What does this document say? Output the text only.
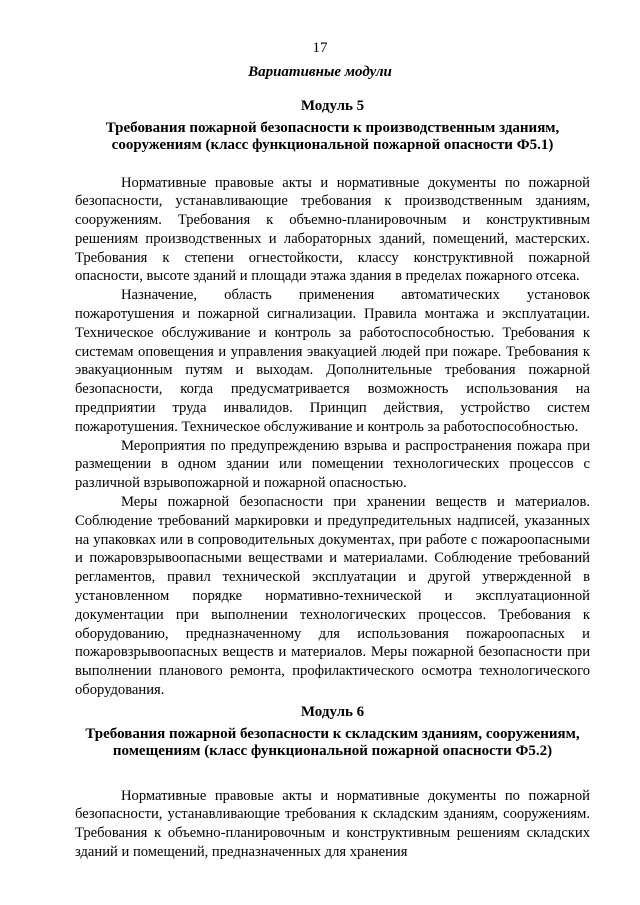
17
Вариативные модули
Модуль 5
Требования пожарной безопасности к производственным зданиям,
сооружениям (класс функциональной пожарной опасности Ф5.1)

Нормативные правовые акты и нормативные документы по пожарной безопасности, устанавливающие требования к производственным зданиям, сооружениям. Требования к объемно-планировочным и конструктивным решениям производственных и лабораторных зданий, помещений, мастерских. Требования к степени огнестойкости, классу конструктивной пожарной опасности, высоте зданий и площади этажа здания в пределах пожарного отсека.

Назначение, область применения автоматических установок пожаротушения и пожарной сигнализации. Правила монтажа и эксплуатации. Техническое обслуживание и контроль за работоспособностью. Требования к системам оповещения и управления эвакуацией людей при пожаре. Требования к эвакуационным путям и выходам. Дополнительные требования пожарной безопасности, когда предусматривается возможность использования на предприятии труда инвалидов. Принцип действия, устройство систем пожаротушения. Техническое обслуживание и контроль за работоспособностью.

Мероприятия по предупреждению взрыва и распространения пожара при размещении в одном здании или помещении технологических процессов с различной взрывопожарной и пожарной опасностью.

Меры пожарной безопасности при хранении веществ и материалов. Соблюдение требований маркировки и предупредительных надписей, указанных на упаковках или в сопроводительных документах, при работе с пожароопасными и пожаровзрывоопасными веществами и материалами. Соблюдение требований регламентов, правил технической эксплуатации и другой утвержденной в установленном порядке нормативно-технической и эксплуатационной документации при выполнении технологических процессов. Требования к оборудованию, предназначенному для использования пожароопасных и пожаровзрывоопасных веществ и материалов. Меры пожарной безопасности при выполнении планового ремонта, профилактического осмотра технологического оборудования.

Модуль 6
Требования пожарной безопасности к складским зданиям, сооружениям,
помещениям (класс функциональной пожарной опасности Ф5.2)

Нормативные правовые акты и нормативные документы по пожарной безопасности, устанавливающие требования к складским зданиям, сооружениям. Требования к объемно-планировочным и конструктивным решениям складских зданий и помещений, предназначенных для хранения
